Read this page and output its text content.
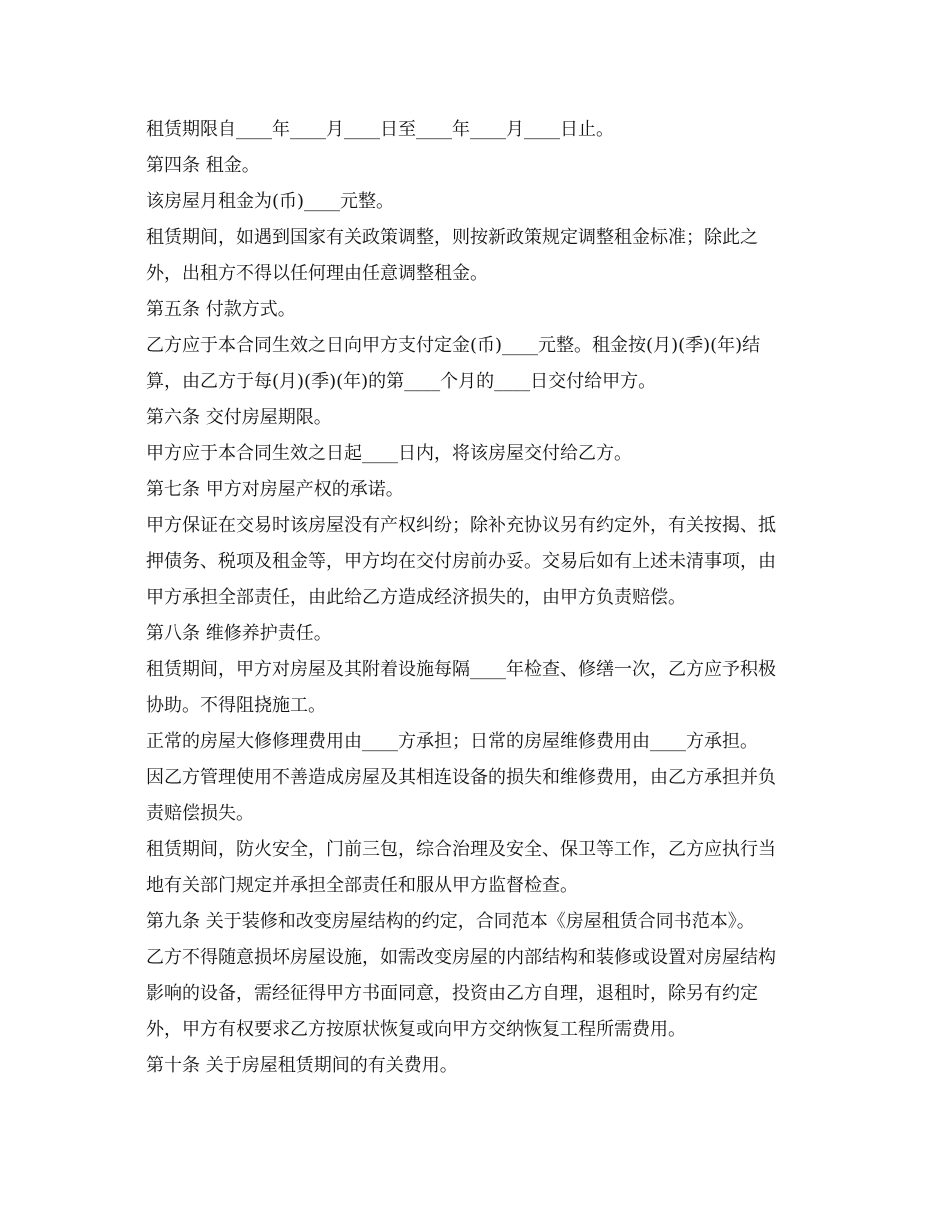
租赁期限自____年____月____日至____年____月____日止。
第四条 租金。
该房屋月租金为(币)____元整。
租赁期间，如遇到国家有关政策调整，则按新政策规定调整租金标准；除此之
外，出租方不得以任何理由任意调整租金。
第五条 付款方式。
乙方应于本合同生效之日向甲方支付定金(币)____元整。租金按(月)(季)(年)结
算，由乙方于每(月)(季)(年)的第____个月的____日交付给甲方。
第六条 交付房屋期限。
甲方应于本合同生效之日起____日内，将该房屋交付给乙方。
第七条 甲方对房屋产权的承诺。
甲方保证在交易时该房屋没有产权纠纷；除补充协议另有约定外，有关按揭、抵
押债务、税项及租金等，甲方均在交付房前办妥。交易后如有上述未清事项，由
甲方承担全部责任，由此给乙方造成经济损失的，由甲方负责赔偿。
第八条 维修养护责任。
租赁期间，甲方对房屋及其附着设施每隔____年检查、修缮一次，乙方应予积极
协助。不得阻挠施工。
正常的房屋大修修理费用由____方承担；日常的房屋维修费用由____方承担。
因乙方管理使用不善造成房屋及其相连设备的损失和维修费用，由乙方承担并负
责赔偿损失。
租赁期间，防火安全，门前三包，综合治理及安全、保卫等工作，乙方应执行当
地有关部门规定并承担全部责任和服从甲方监督检查。
第九条 关于装修和改变房屋结构的约定，合同范本《房屋租赁合同书范本》。
乙方不得随意损坏房屋设施，如需改变房屋的内部结构和装修或设置对房屋结构
影响的设备，需经征得甲方书面同意，投资由乙方自理，退租时，除另有约定
外，甲方有权要求乙方按原状恢复或向甲方交纳恢复工程所需费用。
第十条 关于房屋租赁期间的有关费用。
